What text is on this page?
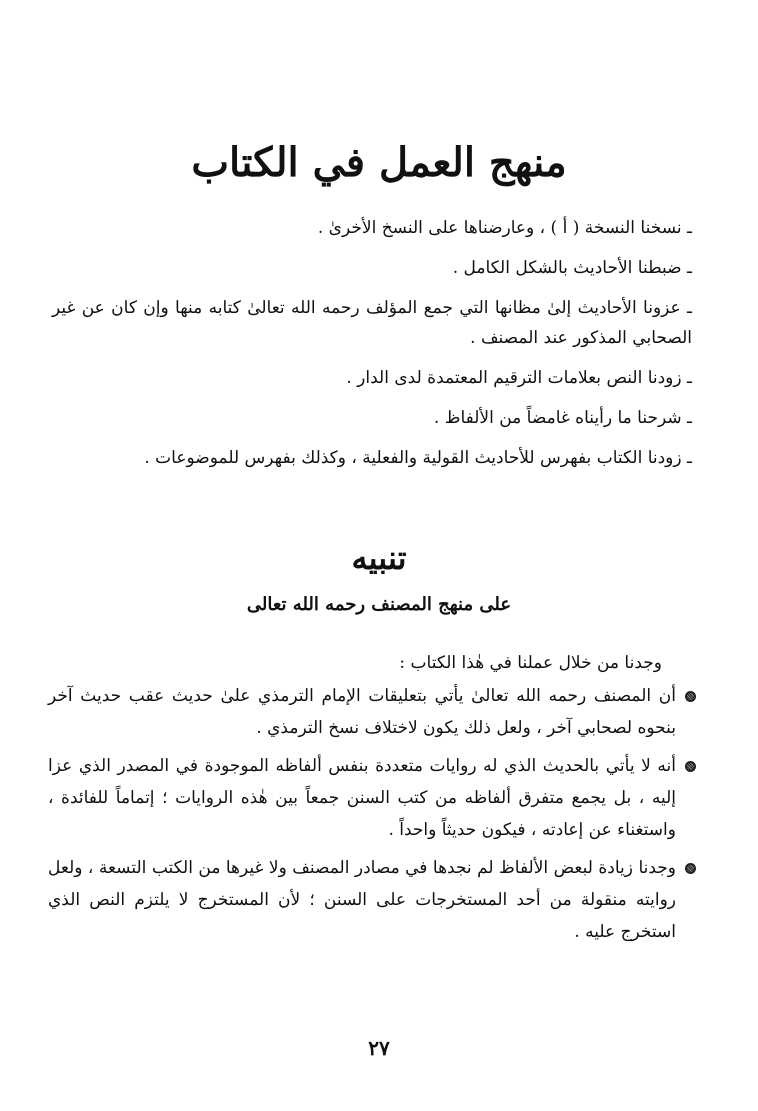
منهج العمل في الكتاب

ـ نسخنا النسخة ( أ ) ، وعارضناها على النسخ الأخرىٰ .

ـ ضبطنا الأحاديث بالشكل الكامل .

ـ عزونا الأحاديث إلىٰ مظانها التي جمع المؤلف رحمه الله تعالىٰ كتابه منها وإن كان عن غير الصحابي المذكور عند المصنف .

ـ زودنا النص بعلامات الترقيم المعتمدة لدى الدار .

ـ شرحنا ما رأيناه غامضاً من الألفاظ .

ـ زودنا الكتاب بفهرس للأحاديث القولية والفعلية ، وكذلك بفهرس للموضوعات .

تنبيه
على منهج المصنف رحمه الله تعالى
وجدنا من خلال عملنا في هٰذا الكتاب :
أن المصنف رحمه الله تعالىٰ يأتي بتعليقات الإمام الترمذي علىٰ حديث عقب حديث آخر بنحوه لصحابي آخر ، ولعل ذلك يكون لاختلاف نسخ الترمذي .
أنه لا يأتي بالحديث الذي له روايات متعددة بنفس ألفاظه الموجودة في المصدر الذي عزا إليه ، بل يجمع متفرق ألفاظه من كتب السنن جمعاً بين هٰذه الروايات ؛ إتماماً للفائدة ، واستغناء عن إعادته ، فيكون حديثاً واحداً .
وجدنا زيادة لبعض الألفاظ لم نجدها في مصادر المصنف ولا غيرها من الكتب التسعة ، ولعل روايته منقولة من أحد المستخرجات على السنن ؛ لأن المستخرج لا يلتزم النص الذي استخرج عليه .
٢٧
